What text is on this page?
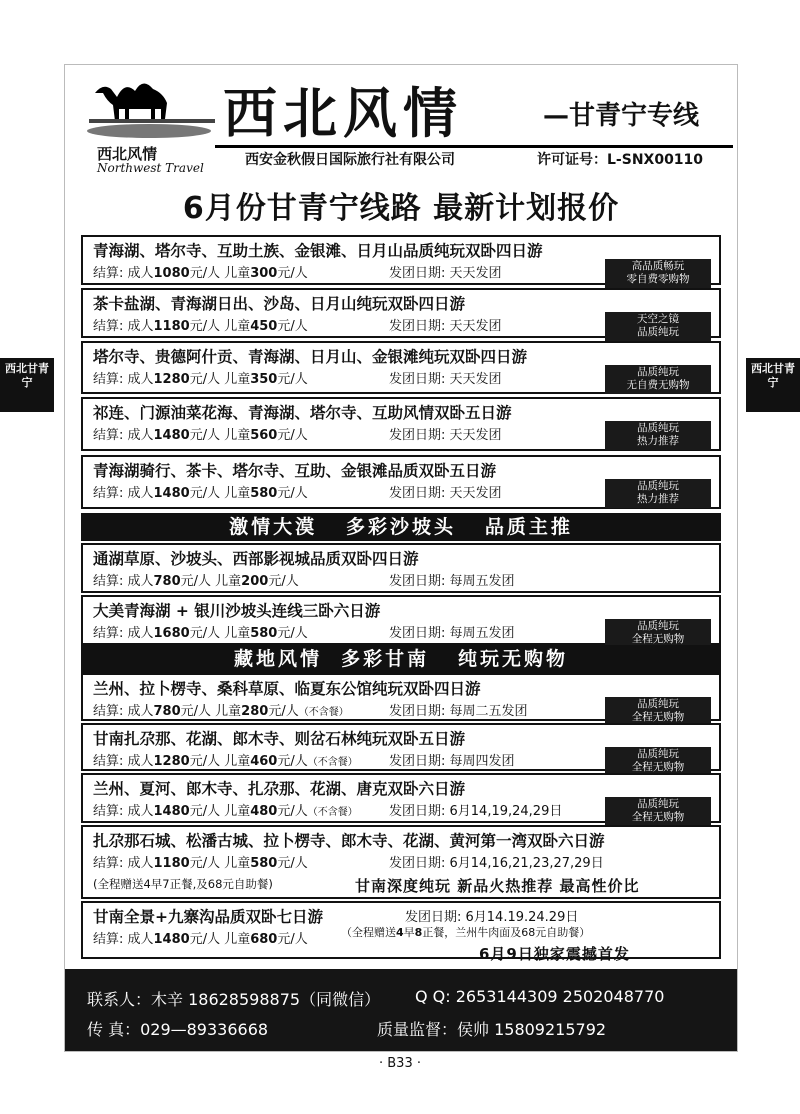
西北甘青宁
西北甘青宁
西北风情
Northwest Travel
西北风情	—甘青宁专线
西安金秋假日国际旅行社有限公司	许可证号：L-SNX00110
6月份甘青宁线路 最新计划报价
青海湖、塔尔寺、互助土族、金银滩、日月山品质纯玩双卧四日游
结算: 成人1080元/人 儿童300元/人	发团日期: 天天发团	高品质畅玩
零自费零购物
茶卡盐湖、青海湖日出、沙岛、日月山纯玩双卧四日游
结算: 成人1180元/人 儿童450元/人	发团日期: 天天发团	天空之镜
品质纯玩
塔尔寺、贵德阿什贡、青海湖、日月山、金银滩纯玩双卧四日游
结算: 成人1280元/人 儿童350元/人	发团日期: 天天发团	品质纯玩
无自费无购物
祁连、门源油菜花海、青海湖、塔尔寺、互助风情双卧五日游
结算: 成人1480元/人 儿童560元/人	发团日期: 天天发团	品质纯玩
热力推荐
青海湖骑行、茶卡、塔尔寺、互助、金银滩品质双卧五日游
结算: 成人1480元/人 儿童580元/人	发团日期: 天天发团	品质纯玩
热力推荐
通湖草原、沙坡头、西部影视城品质双卧四日游
结算: 成人780元/人 儿童200元/人	发团日期: 每周五发团
大美青海湖 + 银川沙坡头连线三卧六日游
结算: 成人1680元/人 儿童580元/人	发团日期: 每周五发团	品质纯玩
全程无购物
兰州、拉卜楞寺、桑科草原、临夏东公馆纯玩双卧四日游
结算: 成人780元/人 儿童280元/人（不含餐）	发团日期: 每周二五发团	品质纯玩
全程无购物
甘南扎尕那、花湖、郎木寺、则岔石林纯玩双卧五日游
结算: 成人1280元/人 儿童460元/人（不含餐） 发团日期: 每周四发团	品质纯玩
全程无购物
兰州、夏河、郎木寺、扎尕那、花湖、唐克双卧六日游
结算: 成人1480元/人 儿童480元/人（不含餐） 发团日期: 6月14,19,24,29日	品质纯玩
全程无购物
扎尕那石城、松潘古城、拉卜楞寺、郎木寺、花湖、黄河第一湾双卧六日游
结算: 成人1180元/人 儿童580元/人	发团日期: 6月14,16,21,23,27,29日
甘南全景+九寨沟品质双卧七日游
结算: 成人1480元/人 儿童680元/人
激情大漠   多彩沙坡头   品质主推
藏地风情  多彩甘南   纯玩无购物
(全程赠送4早7正餐,及68元自助餐)	甘南深度纯玩 新品火热推荐 最高性价比
发团日期: 6月14.19.24.29日
（全程赠送4早8正餐，兰州牛肉面及68元自助餐）
6月9日独家震撼首发
联系人：木辛 18628598875（同微信） Q Q: 2653144309 2502048770
传 真：029—89336668	质量监督：侯帅 15809215792
· B33 ·
